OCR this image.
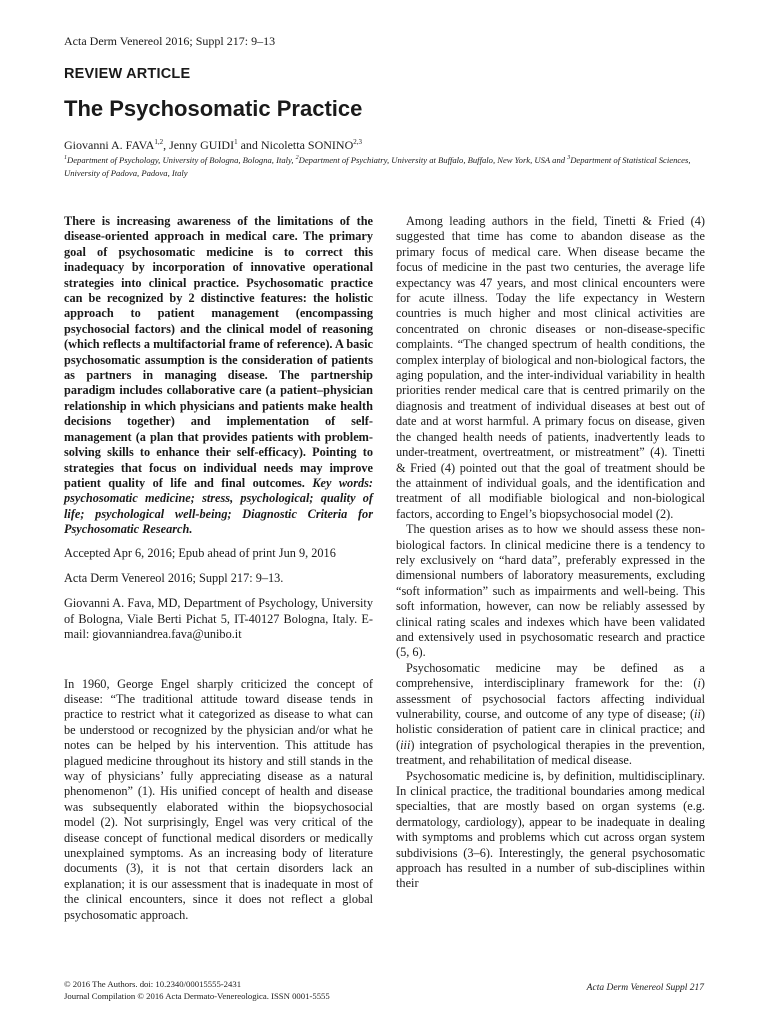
Acta Derm Venereol 2016; Suppl 217: 9–13
REVIEW ARTICLE
The Psychosomatic Practice
Giovanni A. FAVA$^{1,2}$, Jenny GUIDI$^1$ and Nicoletta SONINO$^{2,3}$
$^1$Department of Psychology, University of Bologna, Bologna, Italy, $^2$Department of Psychiatry, University at Buffalo, Buffalo, New York, USA and $^3$Department of Statistical Sciences, University of Padova, Padova, Italy

There is increasing awareness of the limitations of the disease-oriented approach in medical care. The primary goal of psychosomatic medicine is to correct this inadequacy by incorporation of innovative operational strategies into clinical practice. Psychosomatic practice can be recognized by 2 distinctive features: the holistic approach to patient management (encompassing psychosocial factors) and the clinical model of reasoning (which reflects a multifactorial frame of reference). A basic psychosomatic assumption is the consideration of patients as partners in managing disease. The partnership paradigm includes collaborative care (a patient–physician relationship in which physicians and patients make health decisions together) and implementation of self-management (a plan that provides patients with problem-solving skills to enhance their self-efficacy). Pointing to strategies that focus on individual needs may improve patient quality of life and final outcomes. Key words: psychosomatic medicine; stress, psychological; quality of life; psychological well-being; Diagnostic Criteria for Psychosomatic Research.

Accepted Apr 6, 2016; Epub ahead of print Jun 9, 2016

Acta Derm Venereol 2016; Suppl 217: 9–13.

Giovanni A. Fava, MD, Department of Psychology, University of Bologna, Viale Berti Pichat 5, IT-40127 Bologna, Italy. E-mail: giovanniandrea.fava@unibo.it

In 1960, George Engel sharply criticized the concept of disease: “The traditional attitude toward disease tends in practice to restrict what it categorized as disease to what can be understood or recognized by the physician and/or what he notes can be helped by his intervention. This attitude has plagued medicine throughout its history and still stands in the way of physicians’ fully appreciating disease as a natural phenomenon” (1). His unified concept of health and disease was subsequently elaborated within the biopsychosocial model (2). Not surprisingly, Engel was very critical of the disease concept of functional medical disorders or medically unexplained symptoms. As an increasing body of literature documents (3), it is not that certain disorders lack an explanation; it is our assessment that is inadequate in most of the clinical encounters, since it does not reflect a global psychosomatic approach.

Among leading authors in the field, Tinetti & Fried (4) suggested that time has come to abandon disease as the primary focus of medical care. When disease became the focus of medicine in the past two centuries, the average life expectancy was 47 years, and most clinical encounters were for acute illness. Today the life expectancy in Western countries is much higher and most clinical activities are concentrated on chronic diseases or non-disease-specific complaints. “The changed spectrum of health conditions, the complex interplay of biological and non-biological factors, the aging population, and the inter-individual variability in health priorities render medical care that is centred primarily on the diagnosis and treatment of individual diseases at best out of date and at worst harmful. A primary focus on disease, given the changed health needs of patients, inadvertently leads to under-treatment, overtreatment, or mistreatment” (4). Tinetti & Fried (4) pointed out that the goal of treatment should be the attainment of individual goals, and the identification and treatment of all modifiable biological and non-biological factors, according to Engel’s biopsychosocial model (2).

The question arises as to how we should assess these non-biological factors. In clinical medicine there is a tendency to rely exclusively on “hard data”, preferably expressed in the dimensional numbers of laboratory measurements, excluding “soft information” such as impairments and well-being. This soft information, however, can now be reliably assessed by clinical rating scales and indexes which have been validated and extensively used in psychosomatic research and practice (5, 6).

Psychosomatic medicine may be defined as a comprehensive, interdisciplinary framework for the: (i) assessment of psychosocial factors affecting individual vulnerability, course, and outcome of any type of disease; (ii) holistic consideration of patient care in clinical practice; and (iii) integration of psychological therapies in the prevention, treatment, and rehabilitation of medical disease.

Psychosomatic medicine is, by definition, multidisciplinary. In clinical practice, the traditional boundaries among medical specialties, that are mostly based on organ systems (e.g. dermatology, cardiology), appear to be inadequate in dealing with symptoms and problems which cut across organ system subdivisions (3–6). Interestingly, the general psychosomatic approach has resulted in a number of sub-disciplines within their

© 2016 The Authors. doi: 10.2340/00015555-2431
Journal Compilation © 2016 Acta Dermato-Venereologica. ISSN 0001-5555
Acta Derm Venereol Suppl 217
